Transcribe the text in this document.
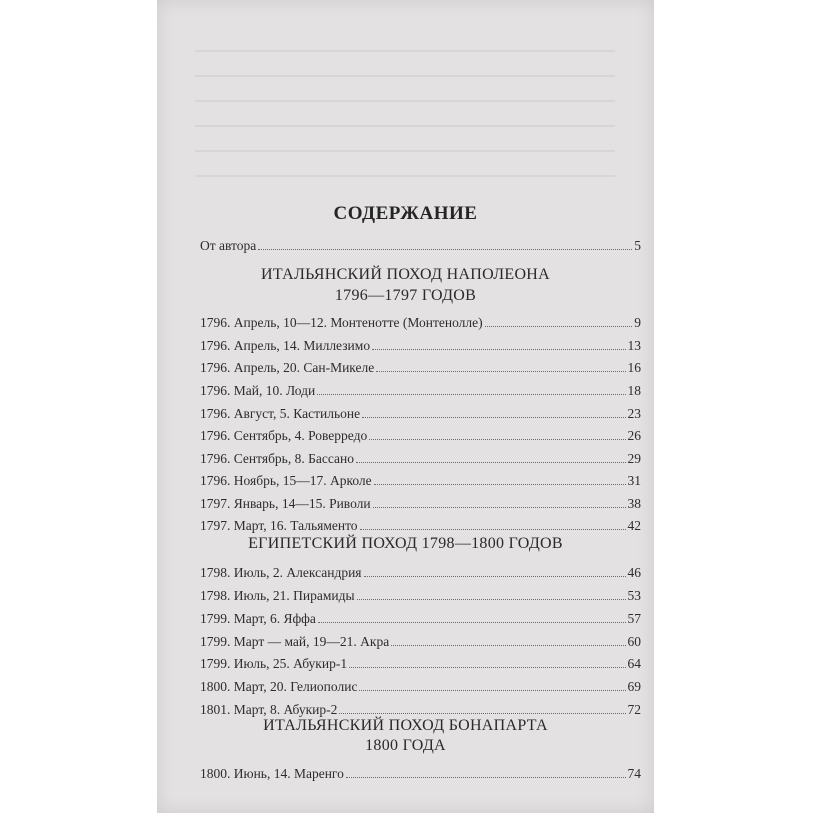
СОДЕРЖАНИЕ
От автора	5
ИТАЛЬЯНСКИЙ ПОХОД НАПОЛЕОНА
1796—1797 ГОДОВ
1796. Апрель, 10—12. Монтенотте (Монтенолле)	9
1796. Апрель, 14. Миллезимо	13
1796. Апрель, 20. Сан-Микеле	16
1796. Май, 10. Лоди	18
1796. Август, 5. Кастильоне	23
1796. Сентябрь, 4. Роверредо	26
1796. Сентябрь, 8. Бассано	29
1796. Ноябрь, 15—17. Арколе	31
1797. Январь, 14—15. Риволи	38
1797. Март, 16. Тальяменто	42
ЕГИПЕТСКИЙ ПОХОД 1798—1800 ГОДОВ
1798. Июль, 2. Александрия	46
1798. Июль, 21. Пирамиды	53
1799. Март, 6. Яффа	57
1799. Март — май, 19—21. Акра	60
1799. Июль, 25. Абукир-1	64
1800. Март, 20. Гелиополис	69
1801. Март, 8. Абукир-2	72
ИТАЛЬЯНСКИЙ ПОХОД БОНАПАРТА
1800 ГОДА
1800. Июнь, 14. Маренго	74
